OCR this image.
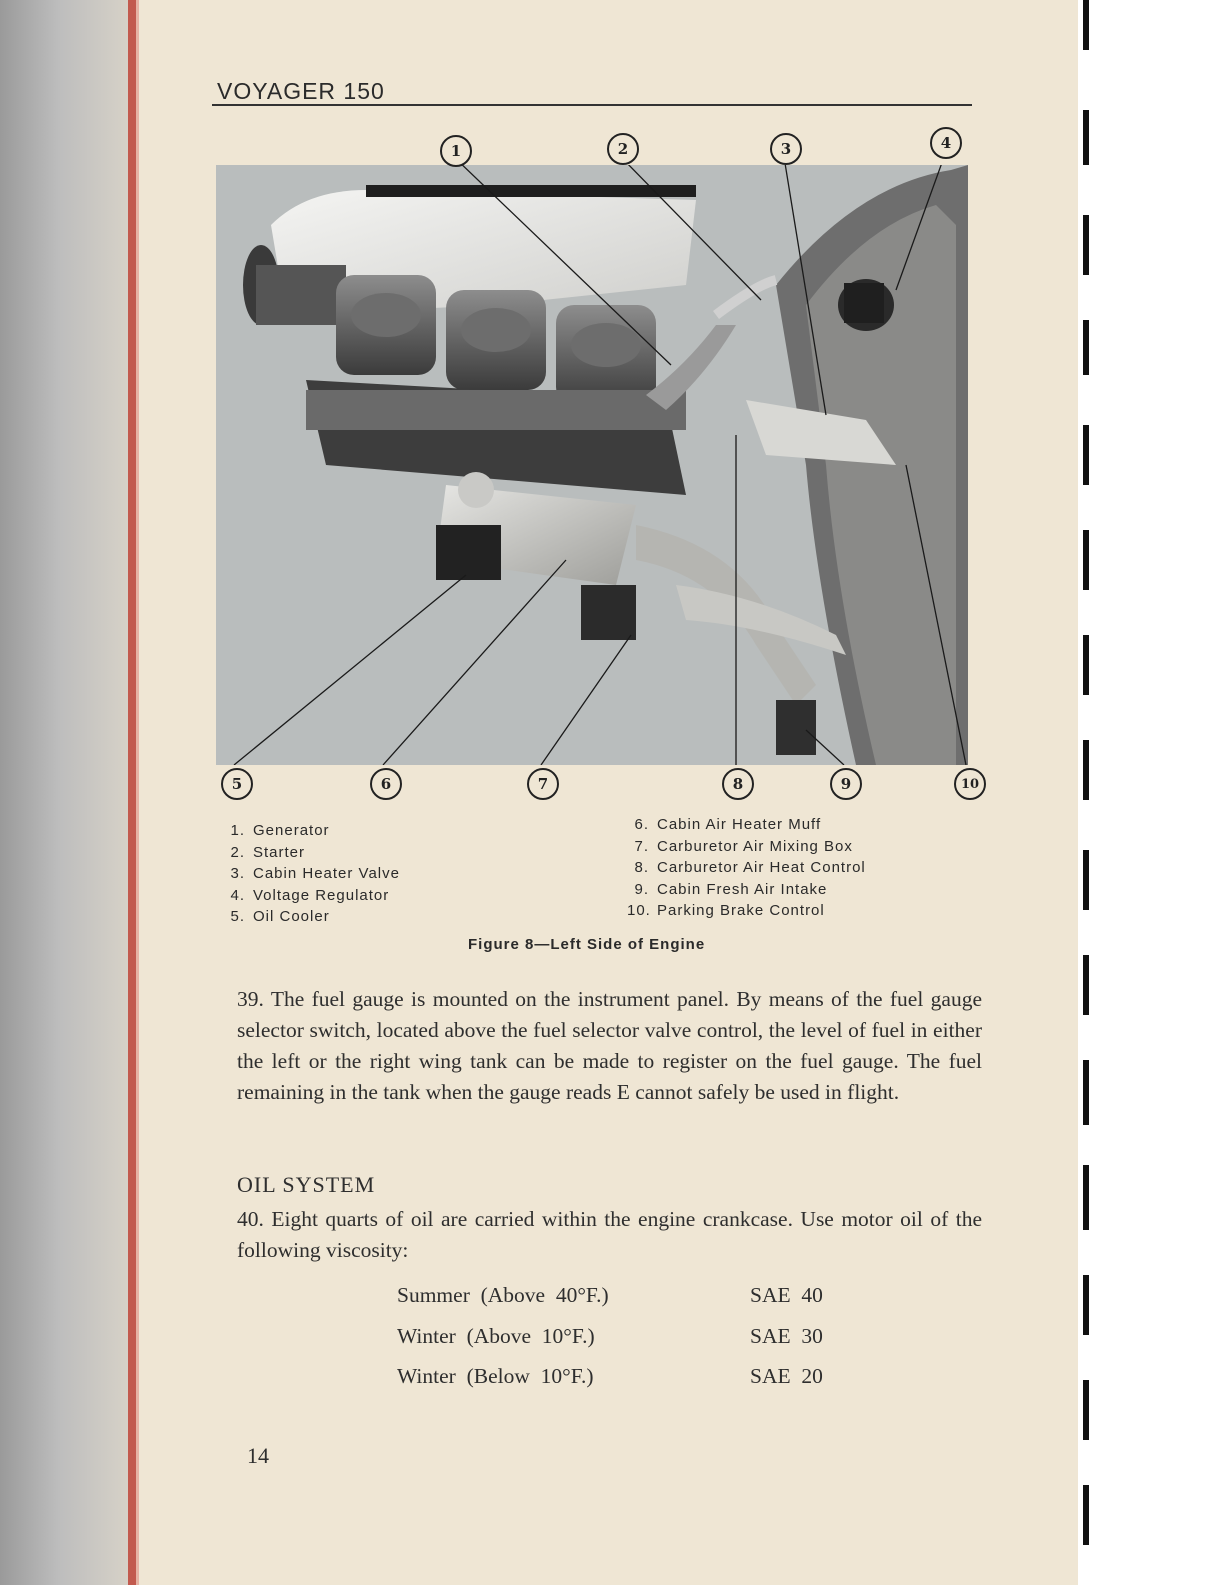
VOYAGER 150
1	2	3	4
5	6	7	8	9	10
1. Generator
2. Starter
3. Cabin Heater Valve
4. Voltage Regulator
5. Oil Cooler
6. Cabin Air Heater Muff
7. Carburetor Air Mixing Box
8. Carburetor Air Heat Control
9. Cabin Fresh Air Intake
10. Parking Brake Control
Figure 8—Left Side of Engine
39. The fuel gauge is mounted on the instrument panel. By means of the fuel gauge selector switch, located above the fuel selector valve control, the level of fuel in either the left or the right wing tank can be made to register on the fuel gauge. The fuel remaining in the tank when the gauge reads E cannot safely be used in flight.
OIL SYSTEM
40. Eight quarts of oil are carried within the engine crankcase. Use motor oil of the following viscosity:
Summer  (Above  40°F.)	SAE  40
Winter  (Above  10°F.)	SAE  30
Winter  (Below  10°F.)	SAE  20
14
